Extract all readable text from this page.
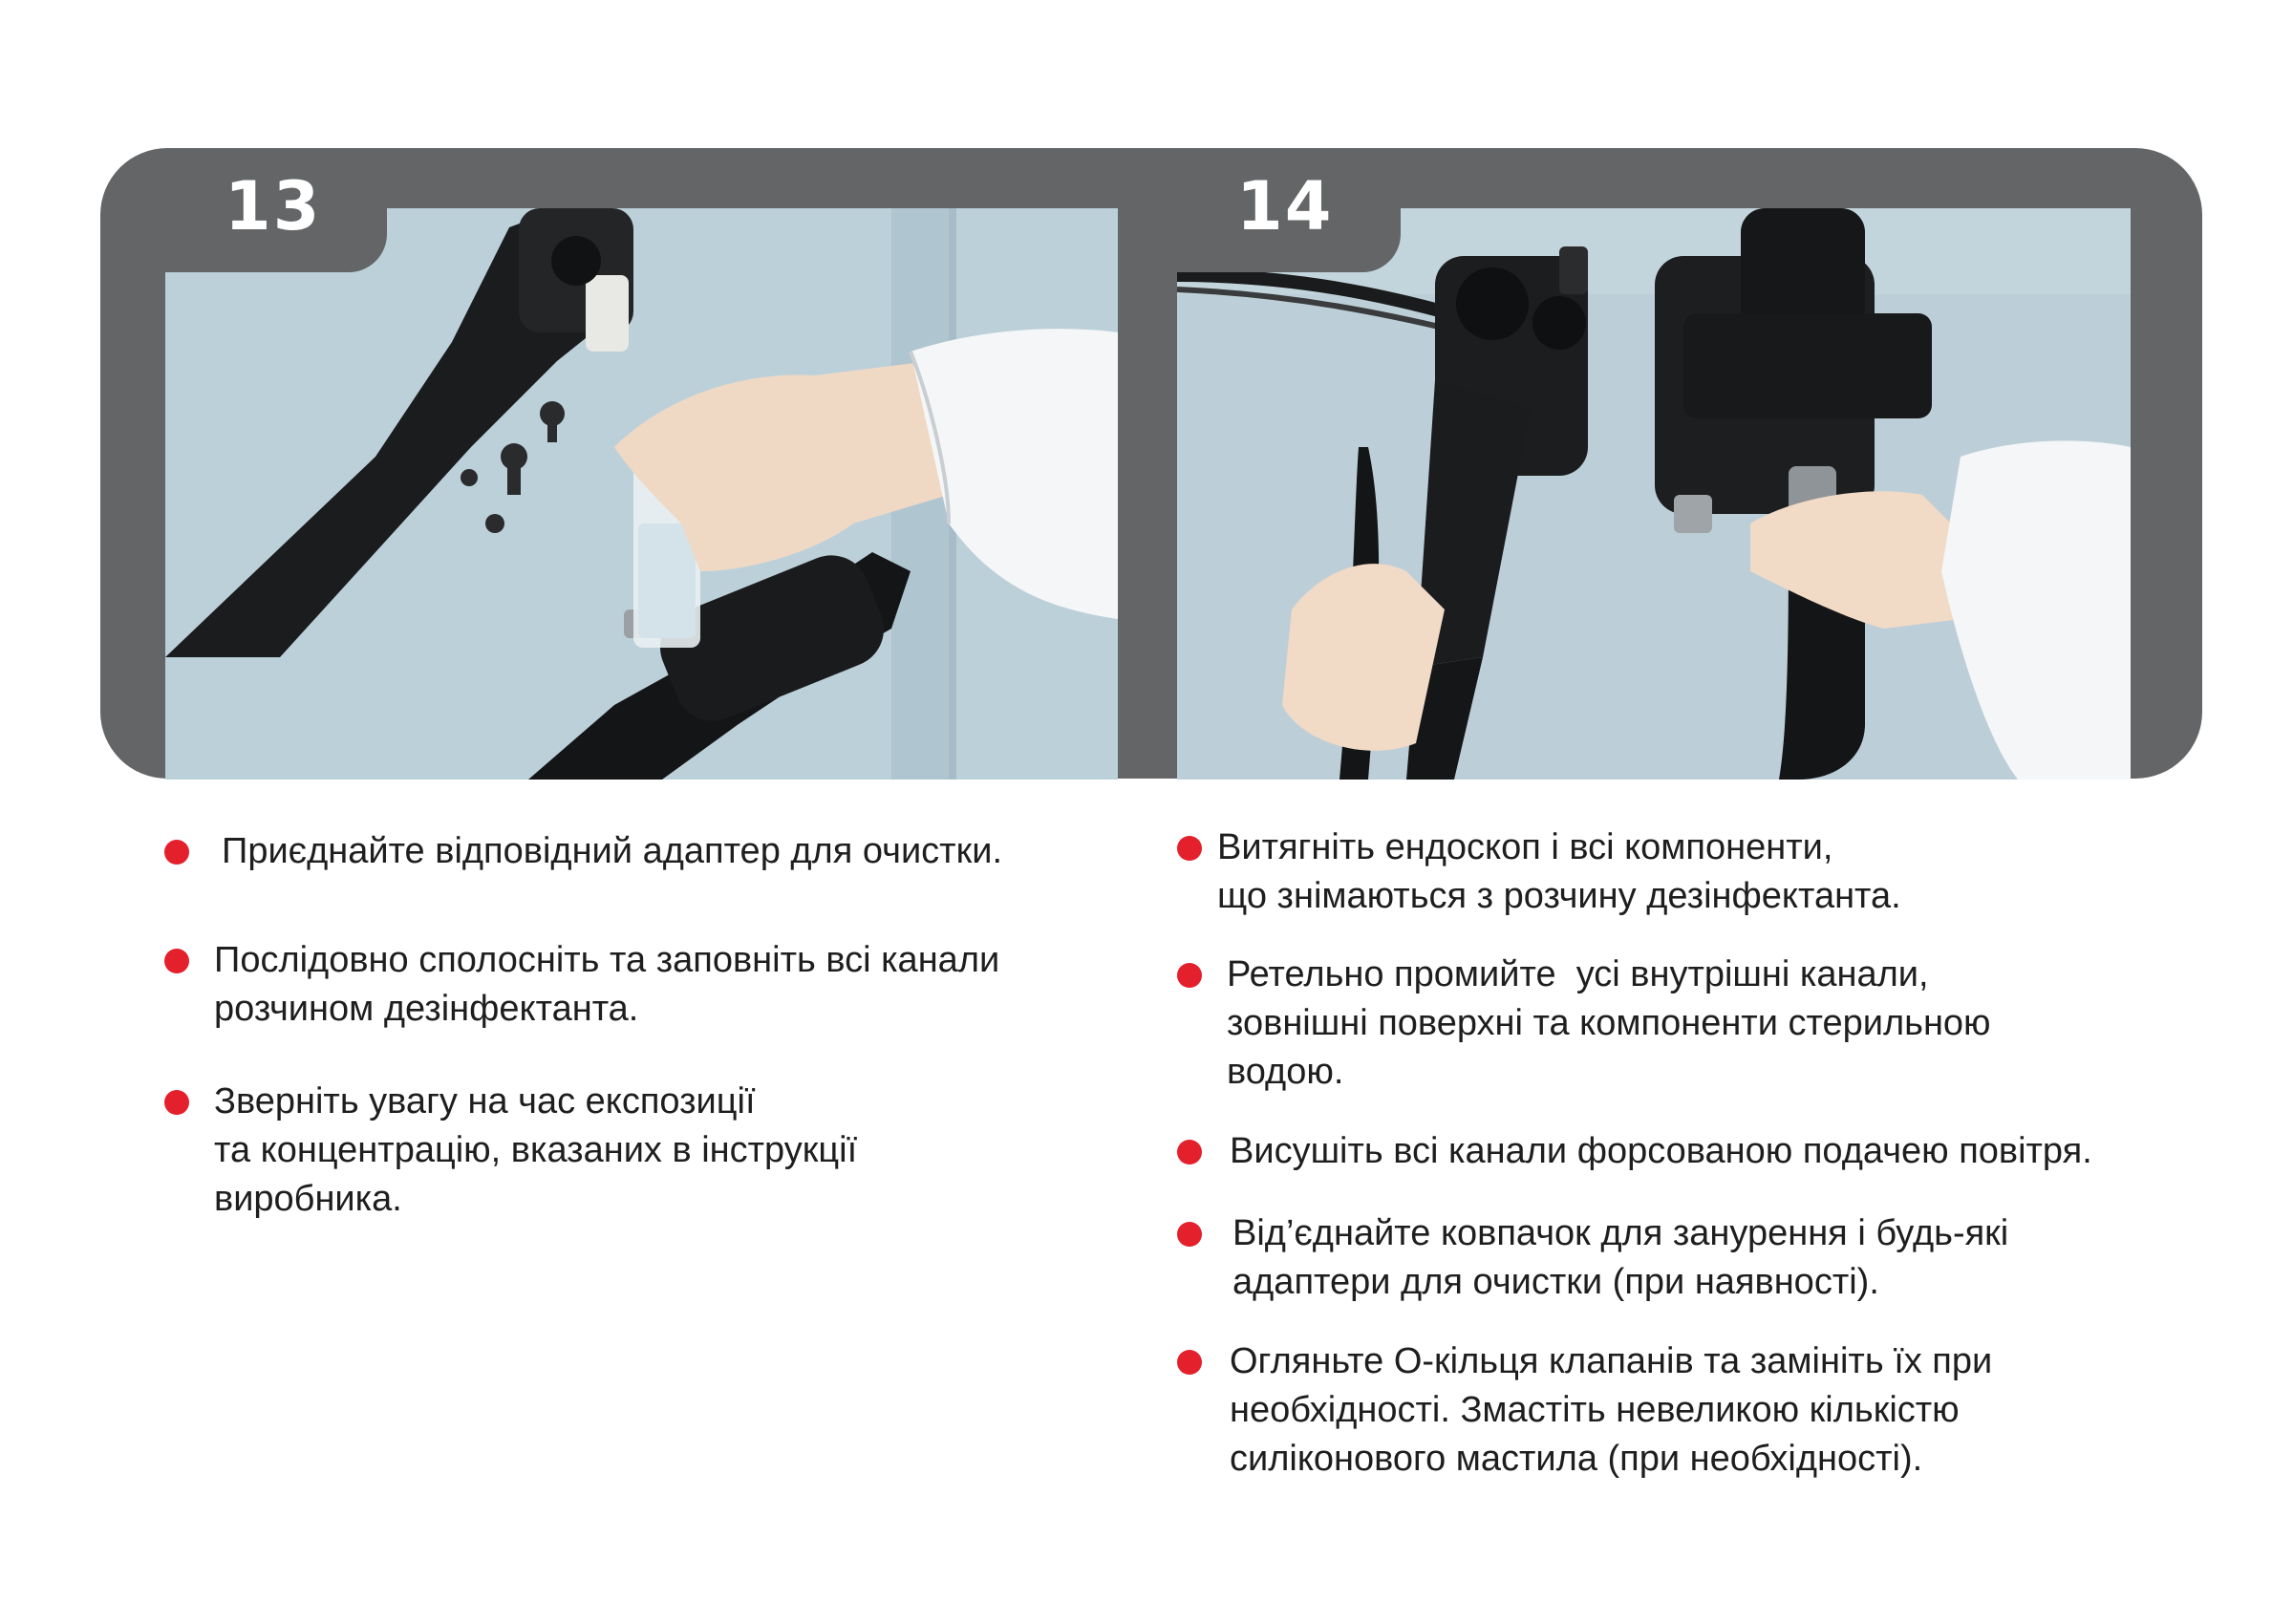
13	14
Приєднайте відповідний адаптер для очистки.
Послідовно сполосніть та заповніть всі канали
розчином дезінфектанта.
Зверніть увагу на час експозиції
та концентрацію, вказаних в інструкції
виробника.
Витягніть ендоскоп і всі компоненти,
що знімаються з розчину дезінфектанта.
Ретельно промийте  усі внутрішні канали,
зовнішні поверхні та компоненти стерильною
водою.
Висушіть всі канали форсованою подачею повітря.
Від’єднайте ковпачок для занурення і будь-які
адаптери для очистки (при наявності).
Огляньте О-кільця клапанів та замініть їх при
необхідності. Змастіть невеликою кількістю
силіконового мастила (при необхідності).
